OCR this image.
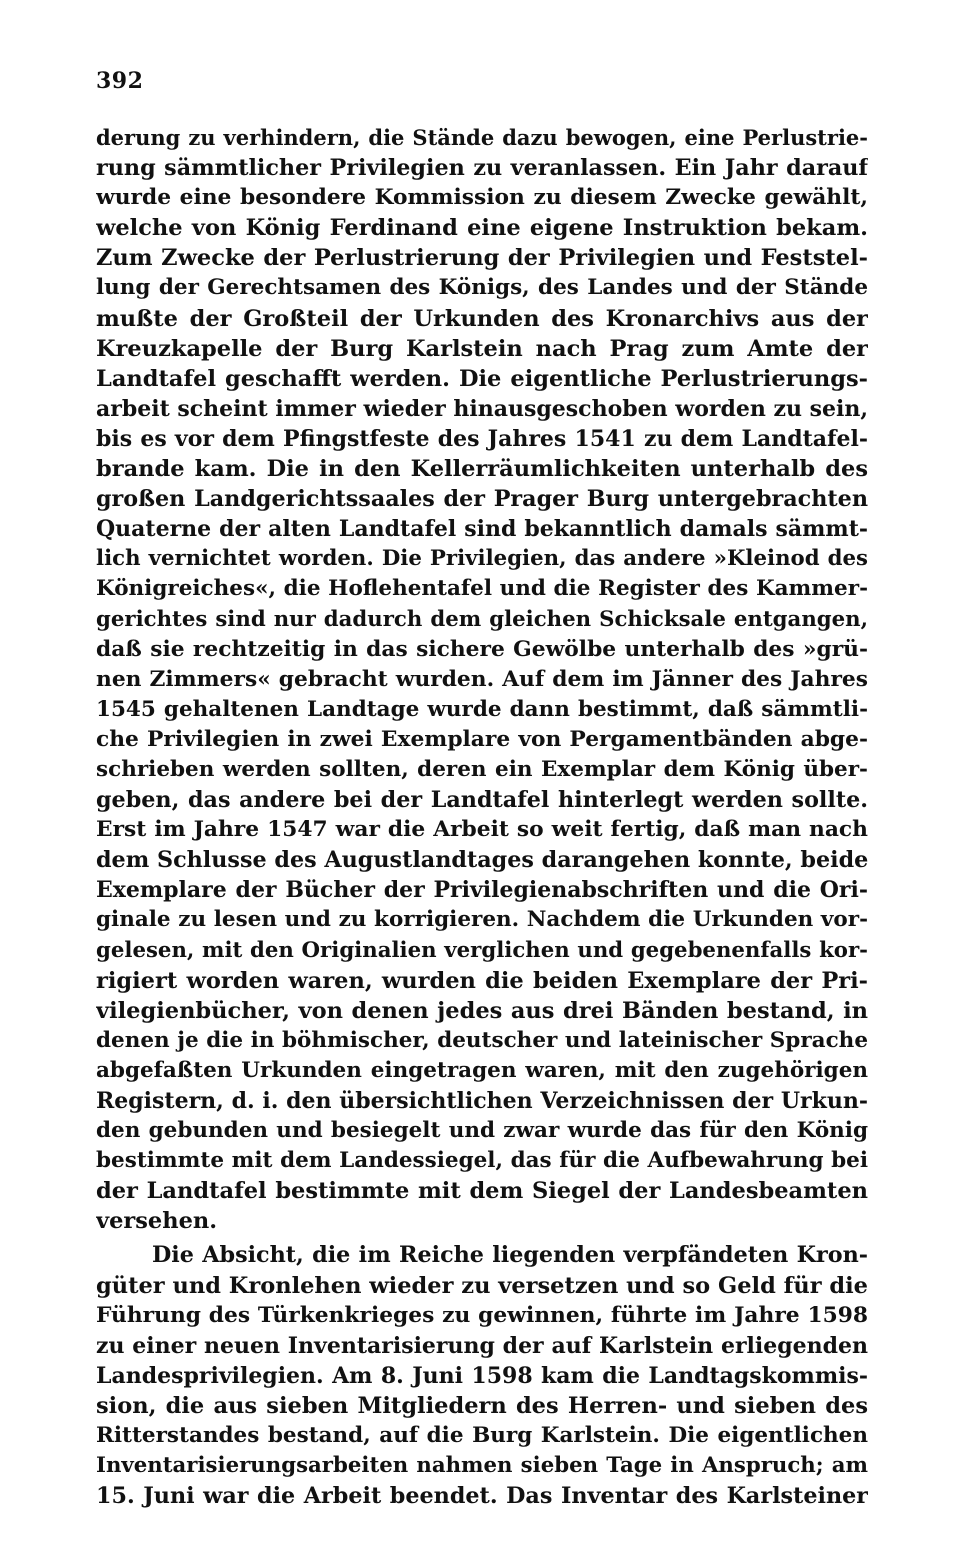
392
derung zu verhindern, die Stände dazu bewogen, eine Perlustrie-
rung sämmtlicher Privilegien zu veranlassen. Ein Jahr darauf
wurde eine besondere Kommission zu diesem Zwecke gewählt,
welche von König Ferdinand eine eigene Instruktion bekam.
Zum Zwecke der Perlustrierung der Privilegien und Feststel-
lung der Gerechtsamen des Königs, des Landes und der Stände
mußte der Großteil der Urkunden des Kronarchivs aus der
Kreuzkapelle der Burg Karlstein nach Prag zum Amte der
Landtafel geschafft werden. Die eigentliche Perlustrierungs-
arbeit scheint immer wieder hinausgeschoben worden zu sein,
bis es vor dem Pfingstfeste des Jahres 1541 zu dem Landtafel-
brande kam. Die in den Kellerräumlichkeiten unterhalb des
großen Landgerichtssaales der Prager Burg untergebrachten
Quaterne der alten Landtafel sind bekanntlich damals sämmt-
lich vernichtet worden. Die Privilegien, das andere »Kleinod des
Königreiches«, die Hoflehentafel und die Register des Kammer-
gerichtes sind nur dadurch dem gleichen Schicksale entgangen,
daß sie rechtzeitig in das sichere Gewölbe unterhalb des »grü-
nen Zimmers« gebracht wurden. Auf dem im Jänner des Jahres
1545 gehaltenen Landtage wurde dann bestimmt, daß sämmtli-
che Privilegien in zwei Exemplare von Pergamentbänden abge-
schrieben werden sollten, deren ein Exemplar dem König über-
geben, das andere bei der Landtafel hinterlegt werden sollte.
Erst im Jahre 1547 war die Arbeit so weit fertig, daß man nach
dem Schlusse des Augustlandtages darangehen konnte, beide
Exemplare der Bücher der Privilegienabschriften und die Ori-
ginale zu lesen und zu korrigieren. Nachdem die Urkunden vor-
gelesen, mit den Originalien verglichen und gegebenenfalls kor-
rigiert worden waren, wurden die beiden Exemplare der Pri-
vilegienbücher, von denen jedes aus drei Bänden bestand, in
denen je die in böhmischer, deutscher und lateinischer Sprache
abgefaßten Urkunden eingetragen waren, mit den zugehörigen
Registern, d. i. den übersichtlichen Verzeichnissen der Urkun-
den gebunden und besiegelt und zwar wurde das für den König
bestimmte mit dem Landessiegel, das für die Aufbewahrung bei
der Landtafel bestimmte mit dem Siegel der Landesbeamten
versehen.
Die Absicht, die im Reiche liegenden verpfändeten Kron-
güter und Kronlehen wieder zu versetzen und so Geld für die
Führung des Türkenkrieges zu gewinnen, führte im Jahre 1598
zu einer neuen Inventarisierung der auf Karlstein erliegenden
Landesprivilegien. Am 8. Juni 1598 kam die Landtagskommis-
sion, die aus sieben Mitgliedern des Herren- und sieben des
Ritterstandes bestand, auf die Burg Karlstein. Die eigentlichen
Inventarisierungsarbeiten nahmen sieben Tage in Anspruch; am
15. Juni war die Arbeit beendet. Das Inventar des Karlsteiner
